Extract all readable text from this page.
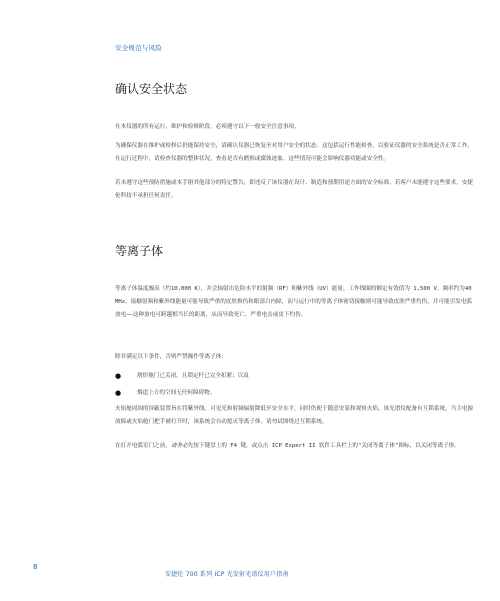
安全规范与风险
确认安全状态

在本仪器的所有运行、维护和检修阶段，必须遵守以下一般安全注意事项。

为确保仪器在维护或检修后仍能保持安全，请确认仪器已恢复至对用户安全的状态。这包括运行性能检查，以验证仪器的安全系统是否正常工作。在运行过程中，请检查仪器的整体状况，查看是否有磨损或腐蚀迹象，这些情况可能会影响仪器功能或安全性。

若未遵守这些预防措施或本手册其他部分的特定警告，即违反了该仪器在设计、制造和预期用途方面的安全标准。若客户未能遵守这些要求，安捷伦科技不承担任何责任。

等离子体

等离子体温度极高（约10,000 K），并会辐射出危险水平的射频（RF）和紫外线（UV）能量。工作线圈的额定有效值为 1,500 V，频率约为40 MHz。接触射频和紫外线能量可能导致严重的皮肤损伤和眼部白内障，而与运行中的等离子体密切接触则可能导致皮肤严重灼伤，并可能引发电弧放电——这种放电可跨越相当长的距离，从而导致死亡、严重电击或皮下灼伤。

除非满足以下条件，否则严禁操作等离子体：

●	割炬舱门已关闭，且锁定杆已完全扣紧；以及
●	烟道上方的空间无任何障碍物。

火焰舱周围的屏蔽装置旨在将紫外线、可见光和射频辐射降低至安全水平，同时仍便于随意安装和观察火焰。该光谱仪配备有互锁系统，当主电源放障或火焰舱门把手被打开时，该系统会自动熄灭等离子体。请勿试图绕过互锁系统。

在打开电弧室门之前，请务必先按下键盘上的 F4 键，或点击 ICP Expert II 软件工具栏上的"关闭等离子体"图标，以关闭等离子体。

8
安捷伦 700 系列 ICP 光发射光谱仪用户指南
